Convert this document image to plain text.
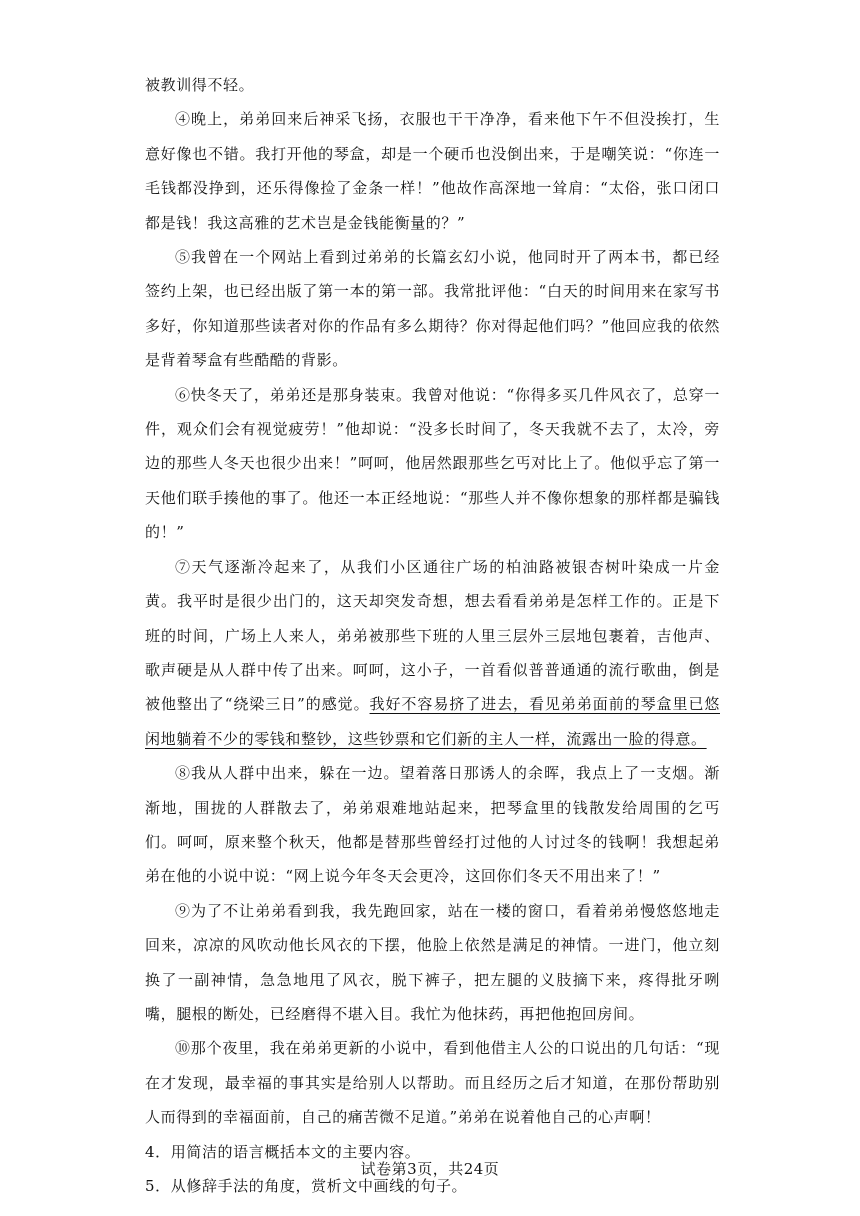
被教训得不轻。

④晚上，弟弟回来后神采飞扬，衣服也干干净净，看来他下午不但没挨打，生意好像也不错。我打开他的琴盒，却是一个硬币也没倒出来，于是嘲笑说：“你连一毛钱都没挣到，还乐得像捡了金条一样！”他故作高深地一耸肩：“太俗，张口闭口都是钱！我这高雅的艺术岂是金钱能衡量的？”

⑤我曾在一个网站上看到过弟弟的长篇玄幻小说，他同时开了两本书，都已经签约上架，也已经出版了第一本的第一部。我常批评他：“白天的时间用来在家写书多好，你知道那些读者对你的作品有多么期待？你对得起他们吗？”他回应我的依然是背着琴盒有些酷酷的背影。

⑥快冬天了，弟弟还是那身装束。我曾对他说：“你得多买几件风衣了，总穿一件，观众们会有视觉疲劳！”他却说：“没多长时间了，冬天我就不去了，太冷，旁边的那些人冬天也很少出来！”呵呵，他居然跟那些乞丐对比上了。他似乎忘了第一天他们联手揍他的事了。他还一本正经地说：“那些人并不像你想象的那样都是骗钱的！”

⑦天气逐渐冷起来了，从我们小区通往广场的柏油路被银杏树叶染成一片金黄。我平时是很少出门的，这天却突发奇想，想去看看弟弟是怎样工作的。正是下班的时间，广场上人来人，弟弟被那些下班的人里三层外三层地包裹着，吉他声、歌声硬是从人群中传了出来。呵呵，这小子，一首看似普普通通的流行歌曲，倒是被他整出了“绕梁三日”的感觉。我好不容易挤了进去，看见弟弟面前的琴盒里已悠闲地躺着不少的零钱和整钞，这些钞票和它们新的主人一样，流露出一脸的得意。

⑧我从人群中出来，躲在一边。望着落日那诱人的余晖，我点上了一支烟。渐渐地，围拢的人群散去了，弟弟艰难地站起来，把琴盒里的钱散发给周围的乞丐们。呵呵，原来整个秋天，他都是替那些曾经打过他的人讨过冬的钱啊！我想起弟弟在他的小说中说：“网上说今年冬天会更冷，这回你们冬天不用出来了！”

⑨为了不让弟弟看到我，我先跑回家，站在一楼的窗口，看着弟弟慢悠悠地走回来，凉凉的风吹动他长风衣的下摆，他脸上依然是满足的神情。一进门，他立刻换了一副神情，急急地甩了风衣，脱下裤子，把左腿的义肢摘下来，疼得批牙咧嘴，腿根的断处，已经磨得不堪入目。我忙为他抹药，再把他抱回房间。

⑩那个夜里，我在弟弟更新的小说中，看到他借主人公的口说出的几句话：“现在才发现，最幸福的事其实是给别人以帮助。而且经历之后才知道，在那份帮助别人而得到的幸福面前，自己的痛苦微不足道。”弟弟在说着他自己的心声啊！

4．用简洁的语言概括本文的主要内容。

5．从修辞手法的角度，赏析文中画线的句子。

试卷第3页，共24页
